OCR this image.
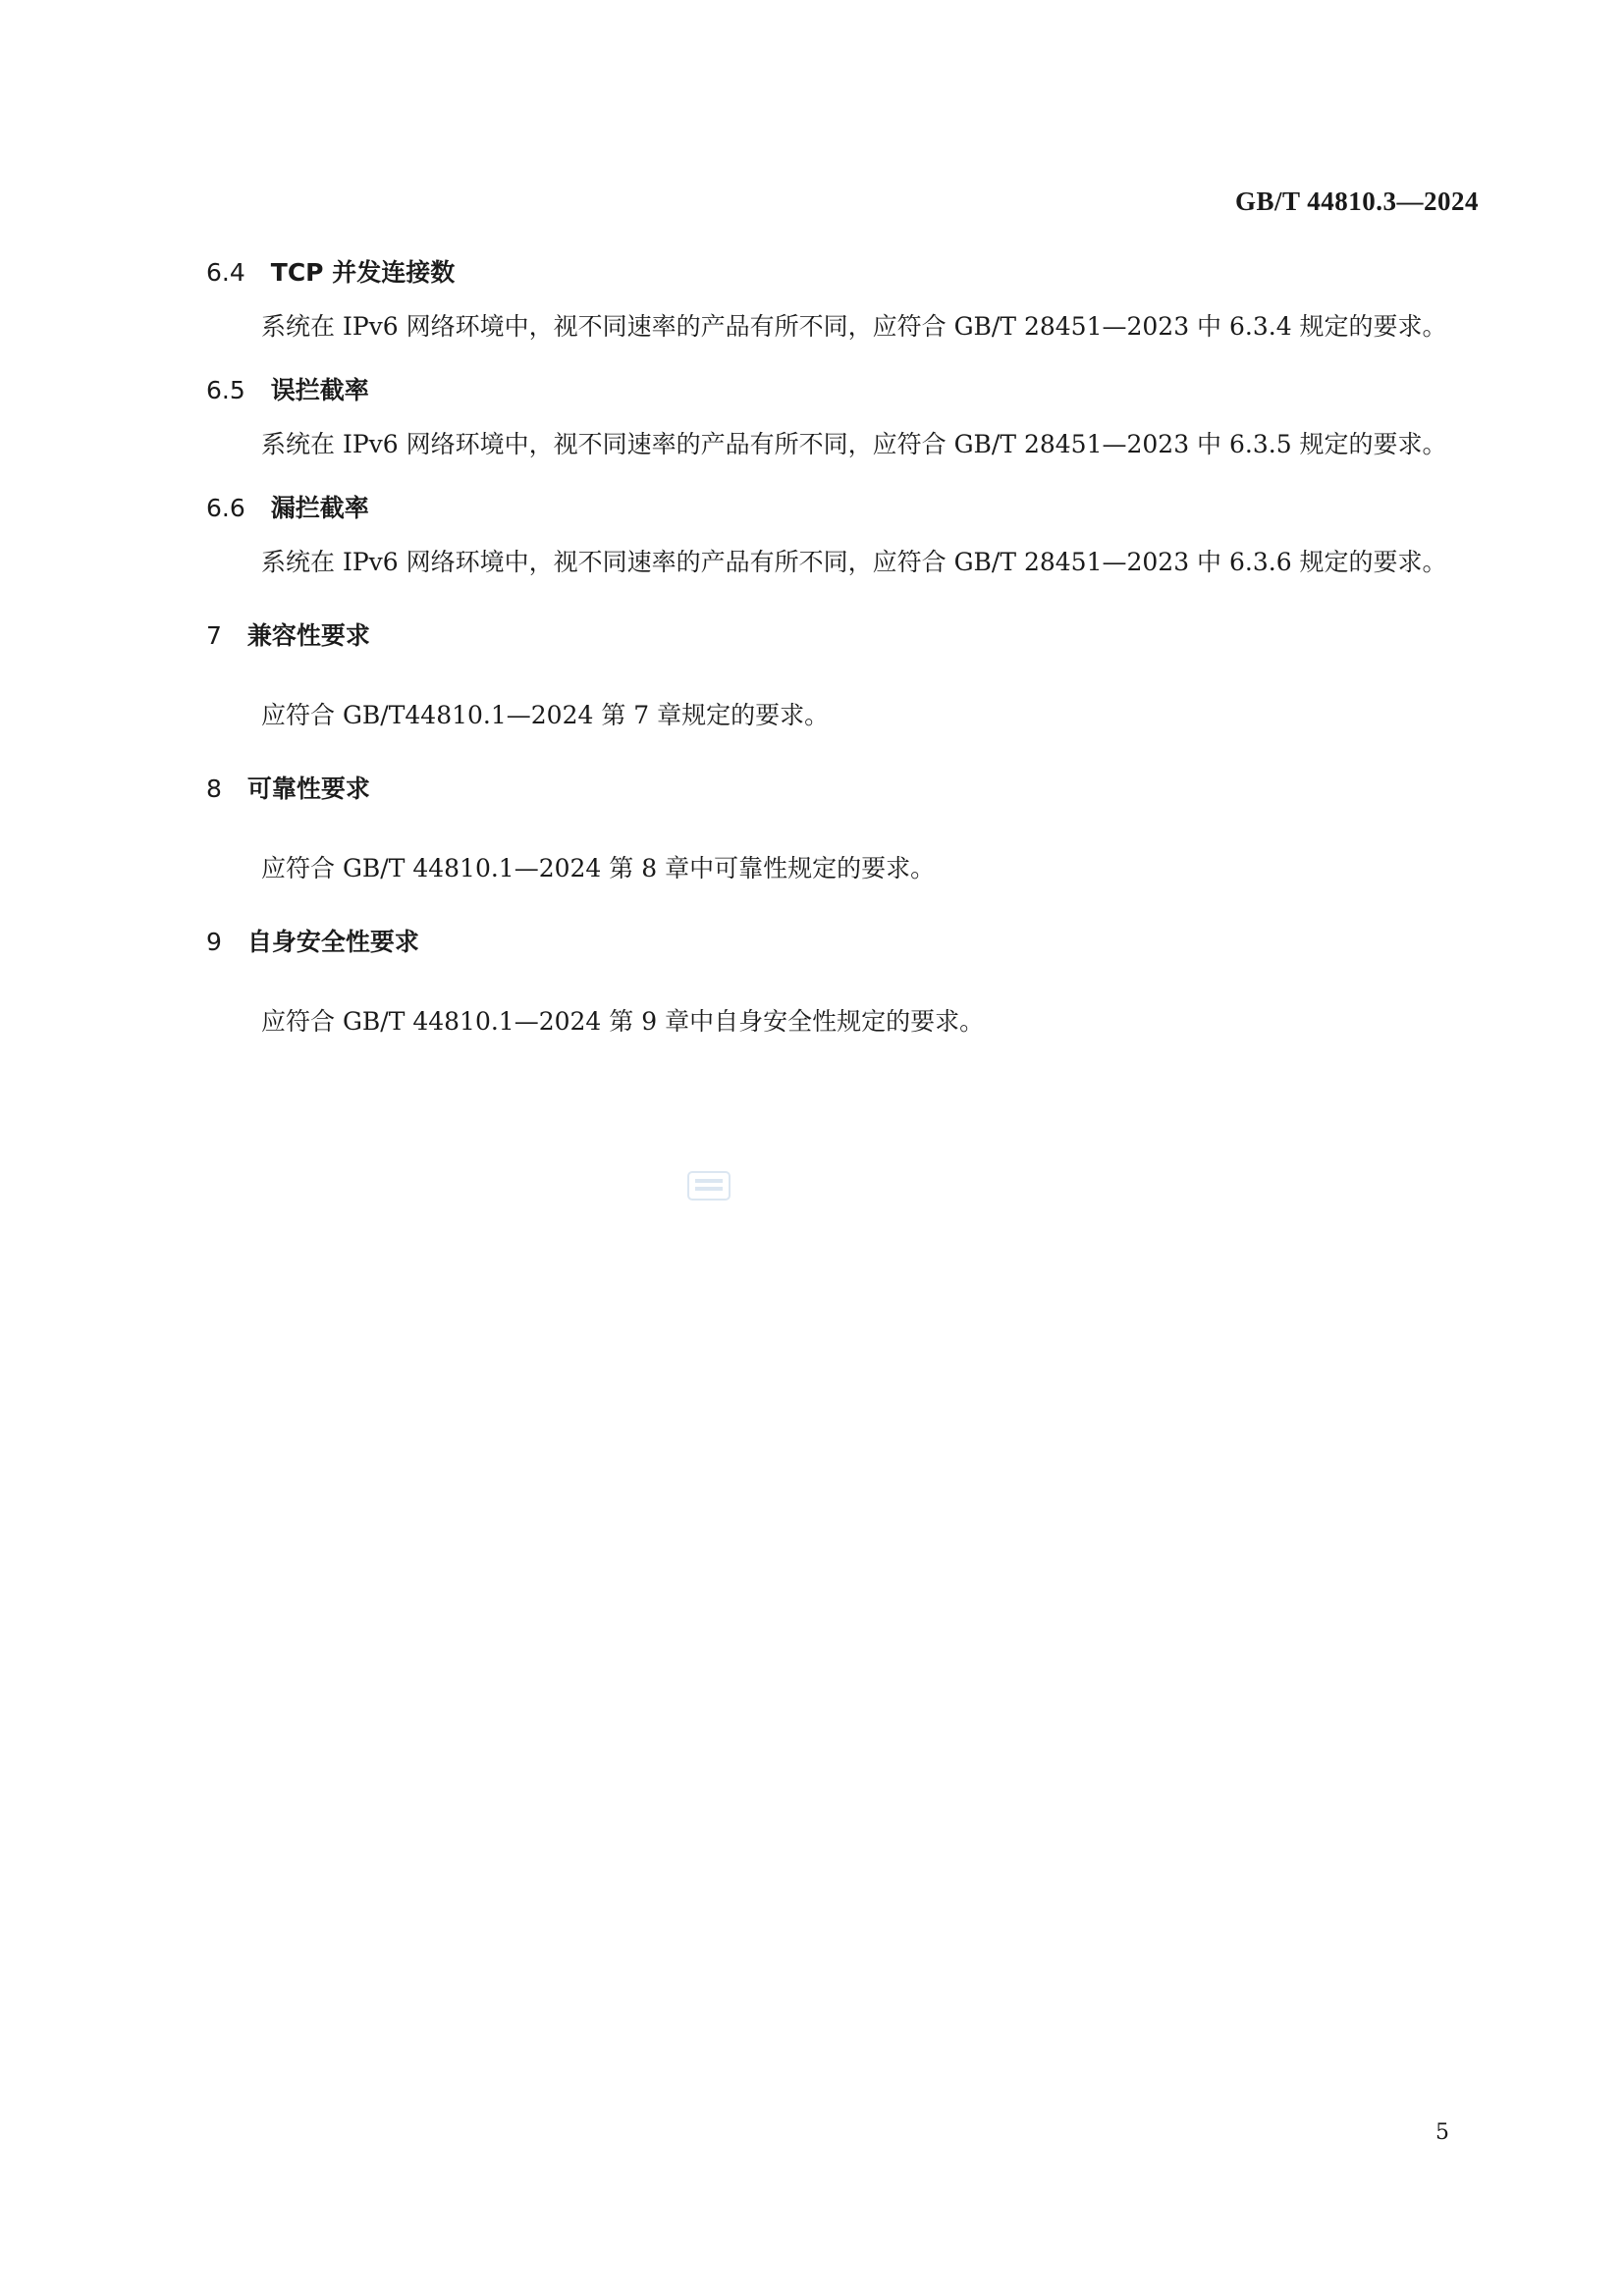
GB/T 44810.3—2024
6.4 TCP 并发连接数

系统在 IPv6 网络环境中，视不同速率的产品有所不同，应符合 GB/T 28451—2023 中 6.3.4 规定的要求。

6.5 误拦截率

系统在 IPv6 网络环境中，视不同速率的产品有所不同，应符合 GB/T 28451—2023 中 6.3.5 规定的要求。

6.6 漏拦截率

系统在 IPv6 网络环境中，视不同速率的产品有所不同，应符合 GB/T 28451—2023 中 6.3.6 规定的要求。

7 兼容性要求

应符合 GB/T44810.1—2024 第 7 章规定的要求。

8 可靠性要求

应符合 GB/T 44810.1—2024 第 8 章中可靠性规定的要求。

9 自身安全性要求

应符合 GB/T 44810.1—2024 第 9 章中自身安全性规定的要求。

5
